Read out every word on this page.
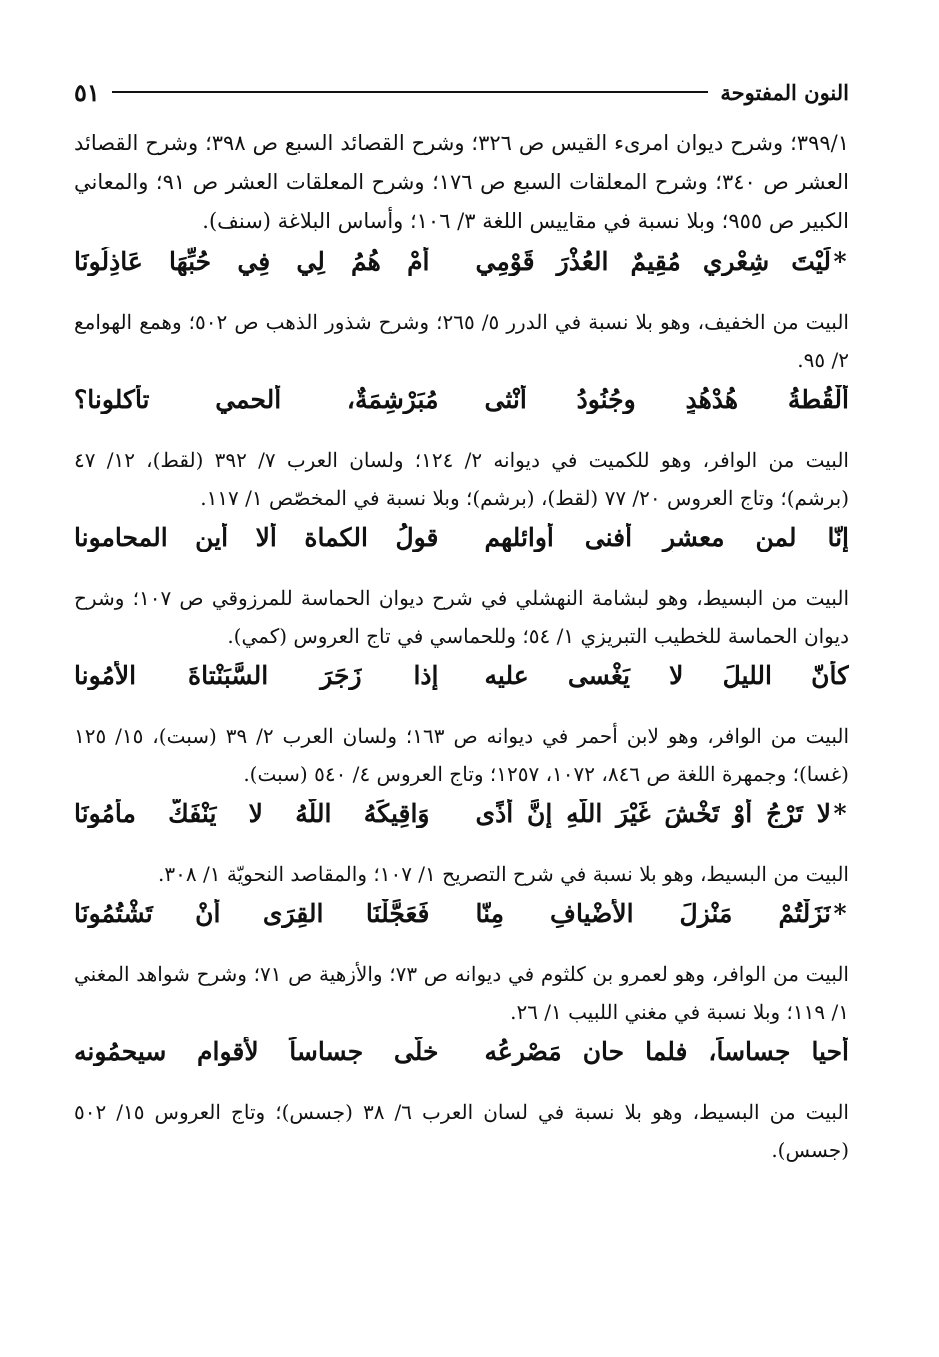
النون المفتوحة
٥١

٣٩٩/١؛ وشرح ديوان امرىء القيس ص ٣٢٦؛ وشرح القصائد السبع ص ٣٩٨؛ وشرح القصائد العشر ص ٣٤٠؛ وشرح المعلقات السبع ص ١٧٦؛ وشرح المعلقات العشر ص ٩١؛ والمعاني الكبير ص ٩٥٥؛ وبلا نسبة في مقاييس اللغة ٣/ ١٠٦؛ وأساس البلاغة (سنف).

*
لَيْتَ شِعْرِي مُقِيمٌ العُذْرَ قَوْمِي
أَمْ هُمُ لِي فِي حُبِّهَا عَاذِلُونَا

البيت من الخفيف، وهو بلا نسبة في الدرر ٥/ ٢٦٥؛ وشرح شذور الذهب ص ٥٠٢؛ وهمع الهوامع ٢/ ٩٥.

أَلْقُطةُ هُدْهُدٍ وجُنُودُ أنْثى
مُبَرْشِمَةٌ، ألحمي تأكلونا؟

البيت من الوافر، وهو للكميت في ديوانه ٢/ ١٢٤؛ ولسان العرب ٧/ ٣٩٢ (لقط)، ١٢/ ٤٧ (برشم)؛ وتاج العروس ٢٠/ ٧٧ (لقط)، (برشم)؛ وبلا نسبة في المخصّص ١/ ١١٧.

إنّا لمن معشرٍ أفنى أوائلهم
قولُ الكماة ألا أين المحامونا

البيت من البسيط، وهو لبشامة النهشلي في شرح ديوان الحماسة للمرزوقي ص ١٠٧؛ وشرح ديوان الحماسة للخطيب التبريزي ١/ ٥٤؛ وللحماسي في تاج العروس (كمي).

كأنّ الليلَ لا يَغْسى عليه
إذا زَجَرَ السَّبَنْتاةَ الأَمُونا

البيت من الوافر، وهو لابن أحمر في ديوانه ص ١٦٣؛ ولسان العرب ٢/ ٣٩ (سبت)، ١٥/ ١٢٥ (غسا)؛ وجمهرة اللغة ص ٨٤٦، ١٠٧٢، ١٢٥٧؛ وتاج العروس ٤/ ٥٤٠ (سبت).

*
لا تَرْجُ أوْ تَخْشَ غَيْرَ اللّهِ إنَّ أذًى
وَاقِيكَهُ اللّهُ لا يَنْفَكُّ مأمُونَا

البيت من البسيط، وهو بلا نسبة في شرح التصريح ١/ ١٠٧؛ والمقاصد النحويّة ١/ ٣٠٨.

*
نَزَلْتُمْ مَنْزِلَ الأضْيافِ مِنّا
فَعَجَّلْنَا القِرَى أنْ تَشْتُمُونَا

البيت من الوافر، وهو لعمرو بن كلثوم في ديوانه ص ٧٣؛ والأزهية ص ٧١؛ وشرح شواهد المغني ١/ ١١٩؛ وبلا نسبة في مغني اللبيب ١/ ٢٦.

أحيا جساساً، فلما حان مَصْرعُه
خلّى جساساً لأقوام سيحمُونه

البيت من البسيط، وهو بلا نسبة في لسان العرب ٦/ ٣٨ (جسس)؛ وتاج العروس ١٥/ ٥٠٢ (جسس).
